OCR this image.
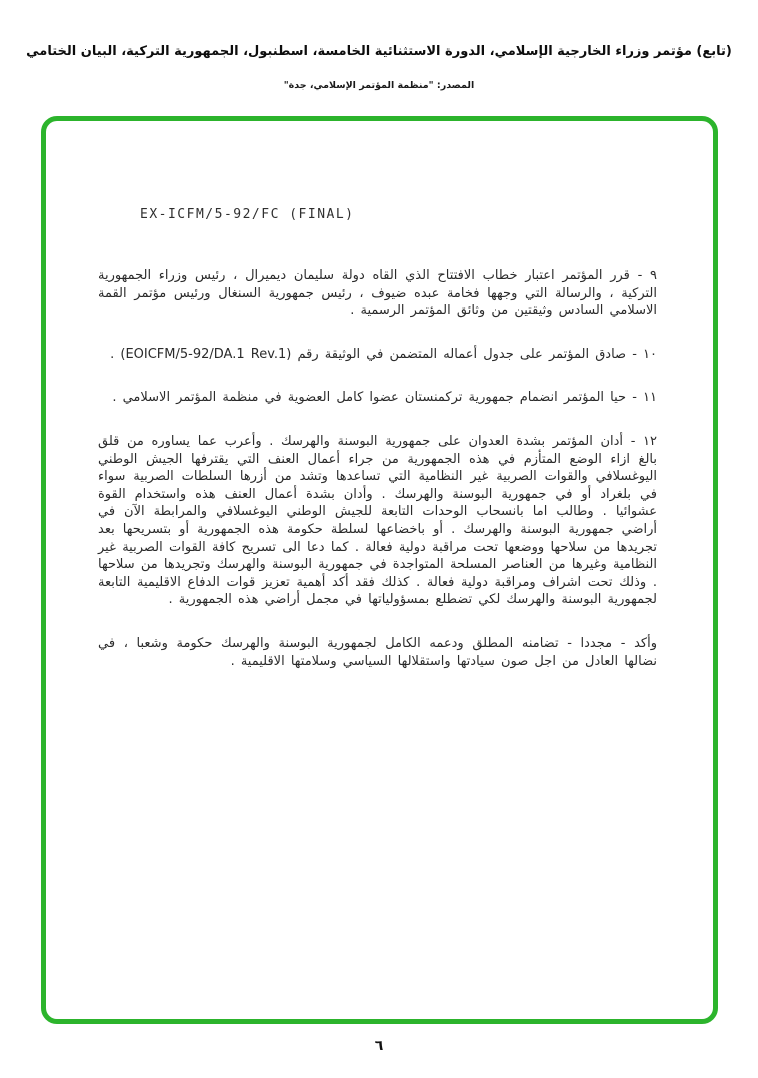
(تابع) مؤتمر وزراء الخارجية الإسلامي، الدورة الاستثنائية الخامسة، اسطنبول، الجمهورية التركية، البيان الختامي
المصدر: "منظمة المؤتمر الإسلامي، جدة"
EX-ICFM/5-92/FC (FINAL)

٩ - قرر المؤتمر اعتبار خطاب الافتتاح الذي القاه دولة سليمان ديميرال ، رئيس وزراء الجمهورية التركية ، والرسالة التي وجهها فخامة عبده ضيوف ، رئيس جمهورية السنغال ورئيس مؤتمر القمة الاسلامي السادس وثيقتين من وثائق المؤتمر الرسمية .

١٠ - صادق المؤتمر على جدول أعماله المتضمن في الوثيقة رقم (EOICFM/5-92/DA.1 Rev.1) .

١١ - حيا المؤتمر انضمام جمهورية تركمنستان عضوا كامل العضوية في منظمة المؤتمر الاسلامي .

١٢ - أدان المؤتمر بشدة العدوان على جمهورية البوسنة والهرسك . وأعرب عما يساوره من قلق بالغ ازاء الوضع المتأزم في هذه الجمهورية من جراء أعمال العنف التي يقترفها الجيش الوطني اليوغسلافي والقوات الصربية غير النظامية التي تساعدها وتشد من أزرها السلطات الصربية سواء في بلغراد أو في جمهورية البوسنة والهرسك . وأدان بشدة أعمال العنف هذه واستخدام القوة عشوائيا . وطالب اما بانسحاب الوحدات التابعة للجيش الوطني اليوغسلافي والمرابطة الآن في أراضي جمهورية البوسنة والهرسك . أو باخضاعها لسلطة حكومة هذه الجمهورية أو بتسريحها بعد تجريدها من سلاحها ووضعها تحت مراقبة دولية فعالة . كما دعا الى تسريح كافة القوات الصربية غير النظامية وغيرها من العناصر المسلحة المتواجدة في جمهورية البوسنة والهرسك وتجريدها من سلاحها . وذلك تحت اشراف ومراقبة دولية فعالة . كذلك فقد أكد أهمية تعزيز قوات الدفاع الاقليمية التابعة لجمهورية البوسنة والهرسك لكي تضطلع بمسؤولياتها في مجمل أراضي هذه الجمهورية .

وأكد - مجددا - تضامنه المطلق ودعمه الكامل لجمهورية البوسنة والهرسك حكومة وشعبا ، في نضالها العادل من اجل صون سيادتها واستقلالها السياسي وسلامتها الاقليمية .

٦
